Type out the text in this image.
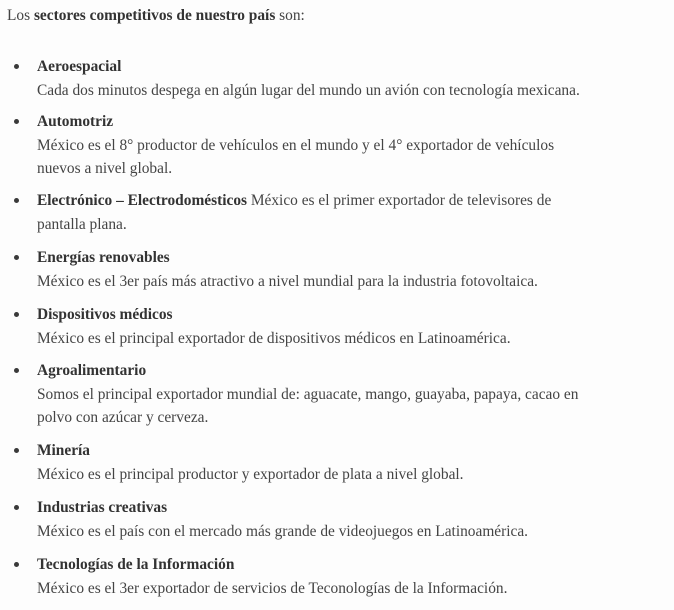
Los sectores competitivos de nuestro país son:

Aeroespacial
Cada dos minutos despega en algún lugar del mundo un avión con tecnología mexicana.
Automotriz
México es el 8° productor de vehículos en el mundo y el 4° exportador de vehículos
nuevos a nivel global.
Electrónico – Electrodomésticos México es el primer exportador de televisores de
pantalla plana.
Energías renovables
México es el 3er país más atractivo a nivel mundial para la industria fotovoltaica.
Dispositivos médicos
México es el principal exportador de dispositivos médicos en Latinoamérica.
Agroalimentario
Somos el principal exportador mundial de: aguacate, mango, guayaba, papaya, cacao en
polvo con azúcar y cerveza.
Minería
México es el principal productor y exportador de plata a nivel global.
Industrias creativas
México es el país con el mercado más grande de videojuegos en Latinoamérica.
Tecnologías de la Información
México es el 3er exportador de servicios de Teconologías de la Información.
